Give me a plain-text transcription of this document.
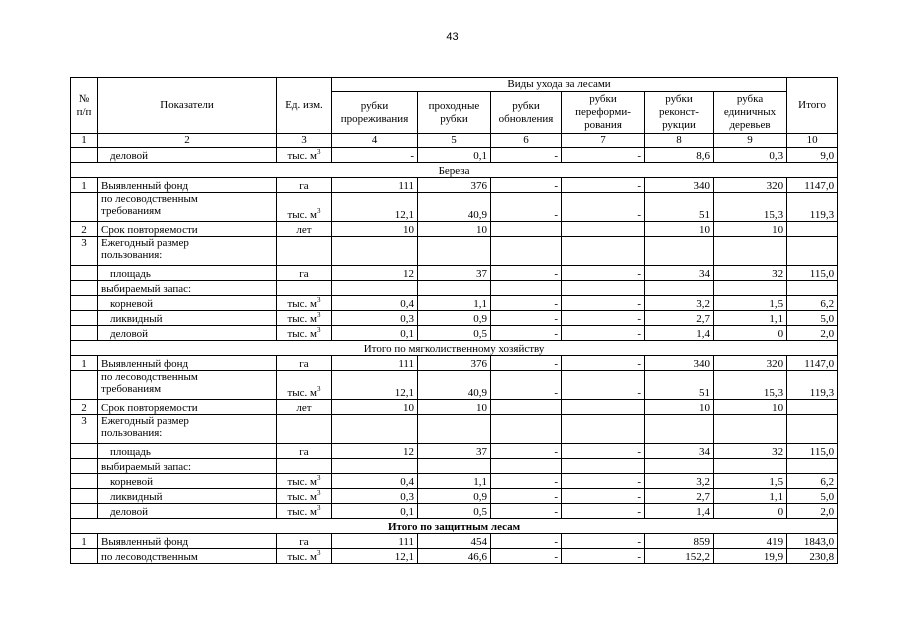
43
№ п/п	Показатели	Ед. изм.	Виды ухода за лесами						Итого
			рубки прореживания	проходные рубки	рубки обновления	рубки переформи-рования	рубки реконст-рукции	рубка единичных деревьев	
1	2	3	4	5	6	7	8	9	10
	деловой	тыс. $м^3$	-	0,1	-	-	8,6	0,3	9,0
Береза									
1	Выявленный фонд	га	111	376	-	-	340	320	1147,0

	по лесоводственным
требованиям	тыс. $м^3$	12,1	40,9	-	-	51	15,3	119,3
2	Срок повторяемости	лет	10	10			10	10	
3	Ежегодный размер
пользования:								

	площадь	га	12	37	-	-	34	32	115,0
	выбираемый запас:								
	корневой	тыс. $м^3$	0,4	1,1	-	-	3,2	1,5	6,2
	ликвидный	тыс. $м^3$	0,3	0,9	-	-	2,7	1,1	5,0
	деловой	тыс. $м^3$	0,1	0,5	-	-	1,4	0	2,0
Итого по мягколиственному хозяйству									
1	Выявленный фонд	га	111	376	-	-	340	320	1147,0

	по лесоводственным
требованиям	тыс. $м^3$	12,1	40,9	-	-	51	15,3	119,3
2	Срок повторяемости	лет	10	10			10	10	
3	Ежегодный размер
пользования:								

	площадь	га	12	37	-	-	34	32	115,0
	выбираемый запас:								
	корневой	тыс. $м^3$	0,4	1,1	-	-	3,2	1,5	6,2
	ликвидный	тыс. $м^3$	0,3	0,9	-	-	2,7	1,1	5,0
	деловой	тыс. $м^3$	0,1	0,5	-	-	1,4	0	2,0
Итого по защитным лесам									
1	Выявленный фонд	га	111	454	-	-	859	419	1843,0
	по лесоводственным	тыс. $м^3$	12,1	46,6	-	-	152,2	19,9	230,8
